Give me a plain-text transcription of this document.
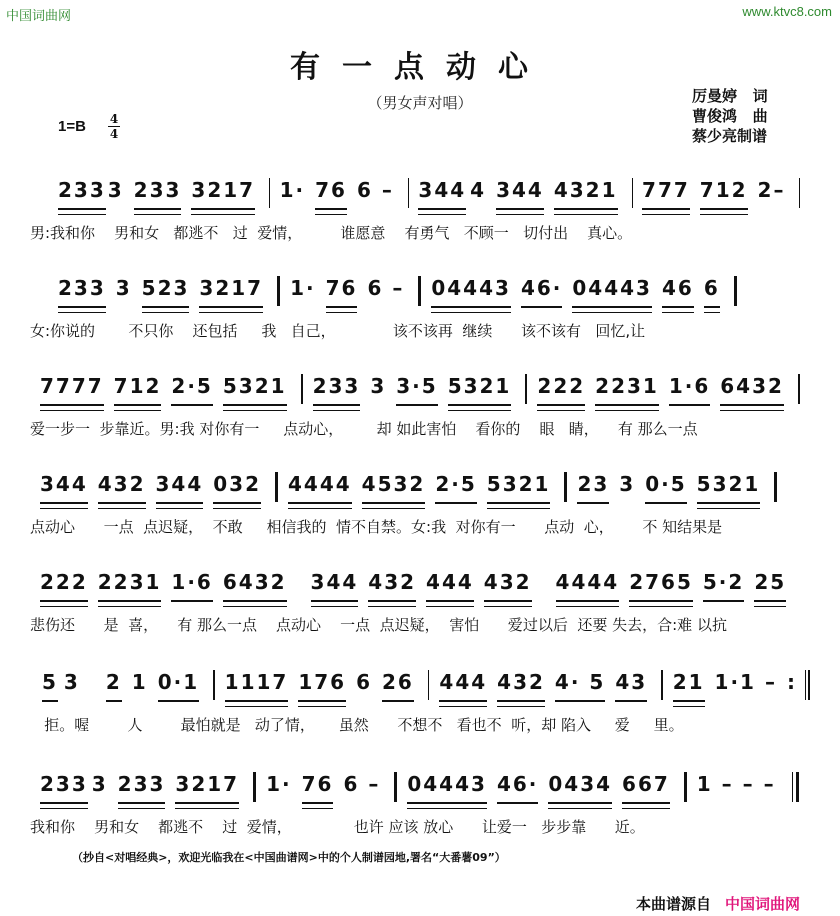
中国词曲网	www.ktvc8.com
有一点动心
（男女声对唱）	厉曼婷   词
曹俊鸿   曲
蔡少亮制谱
1=B 4
4
233 3 233 3217 1· 76 6 – 344 4 344 4321 777 712 2–
男:我和你    男和女   都逃不   过  爱情，        谁愿意    有勇气   不顾一   切付出    真心。
233 3 523 3217 1· 76 6 – 04443 46· 04443 46 6
女:你说的       不只你    还包括     我   自己，            该不该再  继续      该不该有   回忆,让
7777 712 2·5 5321 233 3 3·5 5321 222 2231 1·6 6432
爱一步一  步靠近。男:我 对你有一     点动心，       却 如此害怕    看你的    眼   睛，    有 那么一点
344 432 344 032 4444 4532 2·5 5321 23 3 0·5 5321
点动心      一点  点迟疑，  不敢     相信我的  情不自禁。女:我  对你有一      点动  心，      不 知结果是
222 2231 1·6 6432 344 432 444 432 4444 2765 5·2 25
悲伤还      是  喜，    有 那么一点    点动心    一点  点迟疑，  害怕      爱过以后  还要 失去，合:难 以抗
5 3 2 1 0·1 1117 176 6 26 444 432 4· 5 43 21 1·1 – :
拒。喔        人        最怕就是   动了情，     虽然      不想不   看也不  听，却 陷入     爱     里。
233 3 233 3217 1· 76 6 – 04443 46· 0434 667 1 – – –
我和你    男和女    都逃不    过  爱情，             也许 应该 放心      让爱一   步步靠      近。
（抄自<对唱经典>，欢迎光临我在<中国曲谱网>中的个人制谱园地,署名“大番薯09”）
本曲谱源自 中国词曲网
